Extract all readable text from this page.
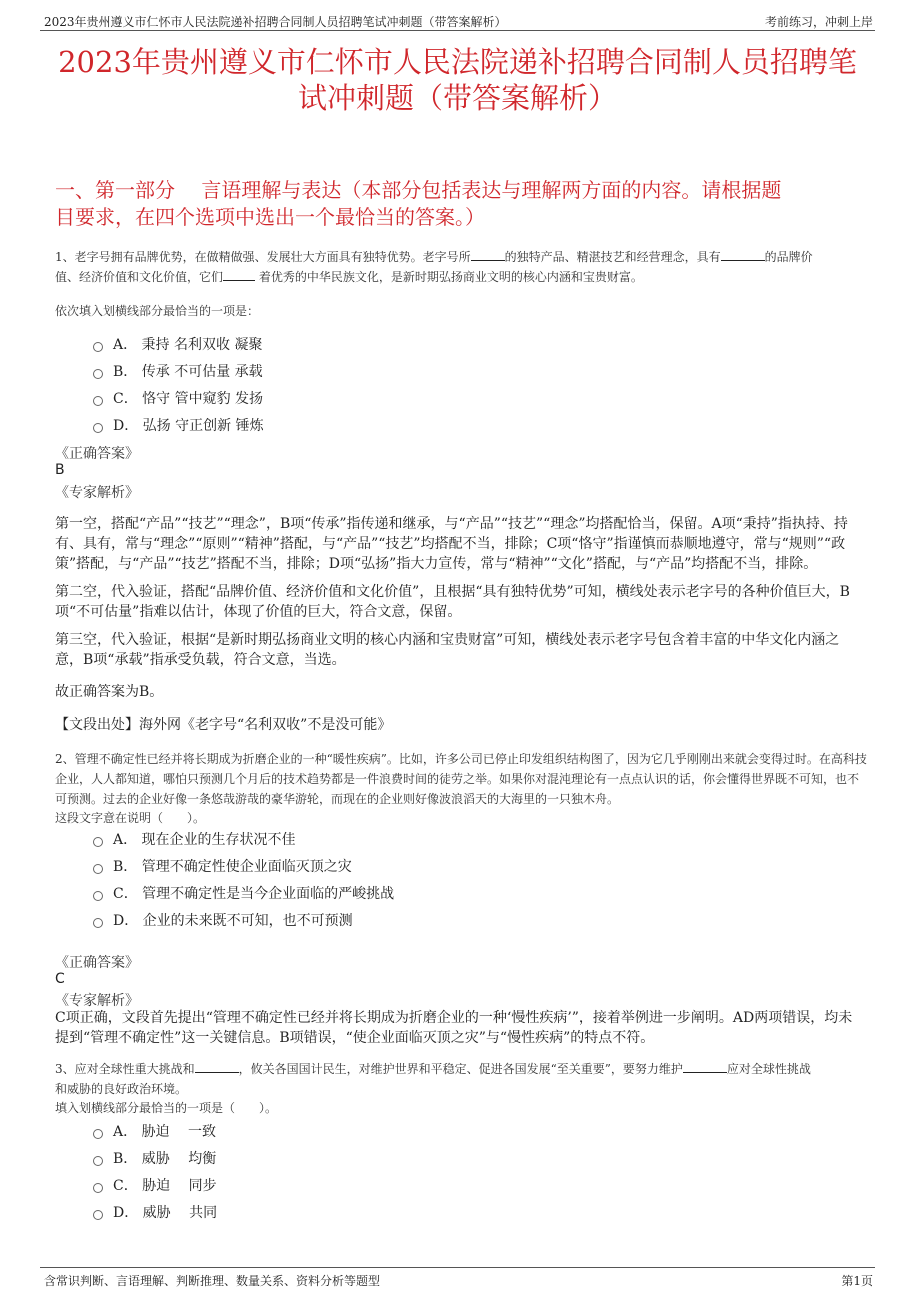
2023年贵州遵义市仁怀市人民法院递补招聘合同制人员招聘笔试冲刺题（带答案解析）	考前练习，冲刺上岸
2023年贵州遵义市仁怀市人民法院递补招聘合同制人员招聘笔
试冲刺题（带答案解析）
一、第一部分　 言语理解与表达（本部分包括表达与理解两方面的内容。请根据题
目要求，在四个选项中选出一个最恰当的答案。）
1、老字号拥有品牌优势，在做精做强、发展壮大方面具有独特优势。老字号所	的独特产品、精湛技艺和经营理念，具有	的品牌价
值、经济价值和文化价值，它们	着优秀的中华民族文化，是新时期弘扬商业文明的核心内涵和宝贵财富。
依次填入划横线部分最恰当的一项是：
A． 秉持 名利双收 凝聚
B． 传承 不可估量 承载
C． 恪守 管中窥豹 发扬
D． 弘扬 守正创新 锤炼
《正确答案》
B
《专家解析》
第一空，搭配“产品”“技艺”“理念”，B项“传承”指传递和继承，与“产品”“技艺”“理念”均搭配恰当，保留。A项“秉持”指执持、持有、具有，常与“理念”“原则”“精神”搭配，与“产品”“技艺”均搭配不当，排除；C项“恪守”指谨慎而恭顺地遵守，常与“规则”“政策”搭配，与“产品”“技艺”搭配不当，排除；D项“弘扬”指大力宣传，常与“精神”“文化”搭配，与“产品”均搭配不当，排除。
第二空，代入验证，搭配“品牌价值、经济价值和文化价值”，且根据“具有独特优势”可知，横线处表示老字号的各种价值巨大，B项“不可估量”指难以估计，体现了价值的巨大，符合文意，保留。
第三空，代入验证，根据“是新时期弘扬商业文明的核心内涵和宝贵财富”可知，横线处表示老字号包含着丰富的中华文化内涵之意，B项“承载”指承受负载，符合文意，当选。
故正确答案为B。
【文段出处】海外网《老字号“名利双收”不是没可能》
2、管理不确定性已经并将长期成为折磨企业的一种“暖性疾病”。比如，许多公司已停止印发组织结构图了，因为它几乎刚刚出来就会变得过时。在高科技企业，人人都知道，哪怕只预测几个月后的技术趋势都是一件浪费时间的徒劳之举。如果你对混沌理论有一点点认识的话，你会懂得世界既不可知，也不可预测。过去的企业好像一条悠哉游哉的豪华游轮，而现在的企业则好像波浪滔天的大海里的一只独木舟。
这段文字意在说明（　　）。
A． 现在企业的生存状况不佳
B． 管理不确定性使企业面临灭顶之灾
C． 管理不确定性是当今企业面临的严峻挑战
D． 企业的未来既不可知，也不可预测
《正确答案》
C
《专家解析》
C项正确，文段首先提出“管理不确定性已经并将长期成为折磨企业的一种‘慢性疾病’”，接着举例进一步阐明。AD两项错误，均未提到“管理不确定性”这一关键信息。B项错误，“使企业面临灭顶之灾”与“慢性疾病”的特点不符。
3、应对全球性重大挑战和	，攸关各国国计民生，对维护世界和平稳定、促进各国发展“至关重要”，要努力维护	应对全球性挑战
和威胁的良好政治环境。
填入划横线部分最恰当的一项是（　　）。
A． 胁迫　 一致
B． 威胁　 均衡
C． 胁迫　 同步
D． 威胁　 共同
含常识判断、言语理解、判断推理、数量关系、资料分析等题型	第1页
